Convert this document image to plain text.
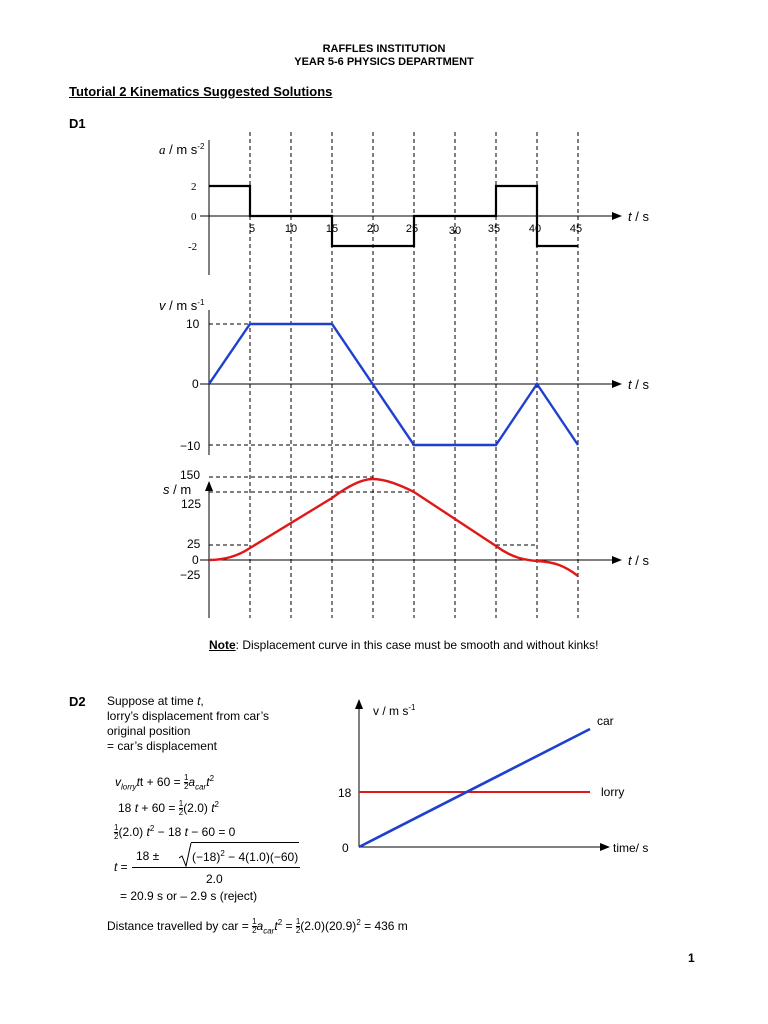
RAFFLES INSTITUTION
YEAR 5-6 PHYSICS DEPARTMENT
Tutorial 2 Kinematics Suggested Solutions
D1
a / m $s^{-2}$
t / s
2
0
-2
5	10	15	20 25	30 35	40	45
v / m $s^{-1}$
t / s
10
0
−10
s / m
t / s
150
125
25
0
−25
Note: Displacement curve in this case must be smooth and without kinks!
D2 Suppose at time t,
lorry’s displacement from car’s
original position
= car’s displacement
$v_{lorry}tt + 60 = \frac{1}{2} a_{car}t^2$
18 $t + 60 = \frac{1}{2} (2.0)$ $t^2$
$\frac{1}{2} (2.0) t^2 - 18$ t − 60 = 0
t =
18 ±	$(-18)^2 - 4(1.0)(-60)$
2.0
= 20.9 s or – 2.9 s (reject)
Distance travelled by car = $\frac{1}{2} a_{car}t^2 = \frac{1}{2} (2.0)(20.9)^2 = 436$ m
v / m $s^{-1}$
time/ s
18
0
car
lorry
1
